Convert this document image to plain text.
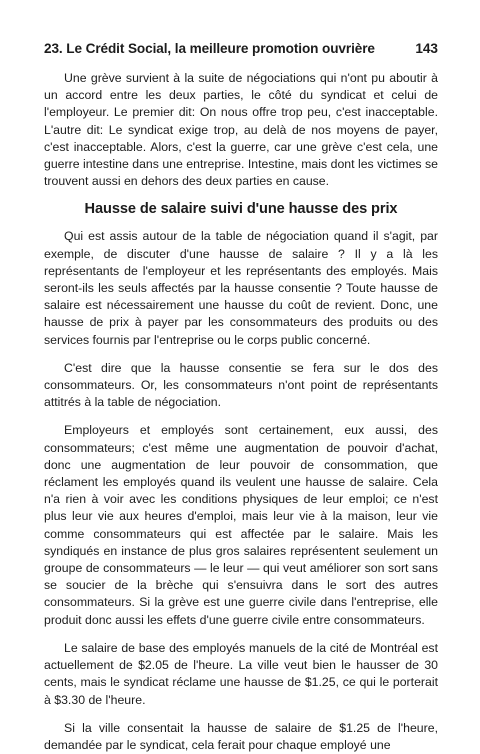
23. Le Crédit Social, la meilleure promotion ouvrière	143

Une grève survient à la suite de négociations qui n'ont pu aboutir à un accord entre les deux parties, le côté du syndicat et celui de l'employeur. Le premier dit: On nous offre trop peu, c'est inacceptable. L'autre dit: Le syndicat exige trop, au delà de nos moyens de payer, c'est inacceptable. Alors, c'est la guerre, car une grève c'est cela, une guerre intestine dans une entreprise. Intestine, mais dont les victimes se trouvent aussi en dehors des deux parties en cause.

Hausse de salaire suivi d'une hausse des prix

Qui est assis autour de la table de négociation quand il s'agit, par exemple, de discuter d'une hausse de salaire ? Il y a là les représentants de l'employeur et les représentants des employés. Mais seront-ils les seuls affectés par la hausse consentie ? Toute hausse de salaire est nécessairement une hausse du coût de revient. Donc, une hausse de prix à payer par les consommateurs des produits ou des services fournis par l'entreprise ou le corps public concerné.

C'est dire que la hausse consentie se fera sur le dos des consommateurs. Or, les consommateurs n'ont point de représentants attitrés à la table de négociation.

Employeurs et employés sont certainement, eux aussi, des consommateurs; c'est même une augmentation de pouvoir d'achat, donc une augmentation de leur pouvoir de consommation, que réclament les employés quand ils veulent une hausse de salaire. Cela n'a rien à voir avec les conditions physiques de leur emploi; ce n'est plus leur vie aux heures d'emploi, mais leur vie à la maison, leur vie comme consommateurs qui est affectée par le salaire. Mais les syndiqués en instance de plus gros salaires représentent seulement un groupe de consommateurs — le leur — qui veut améliorer son sort sans se soucier de la brèche qui s'ensuivra dans le sort des autres consommateurs. Si la grève est une guerre civile dans l'entreprise, elle produit donc aussi les effets d'une guerre civile entre consommateurs.

Le salaire de base des employés manuels de la cité de Montréal est actuellement de $2.05 de l'heure. La ville veut bien le hausser de 30 cents, mais le syndicat réclame une hausse de $1.25, ce qui le porterait à $3.30 de l'heure.

Si la ville consentait la hausse de salaire de $1.25 de l'heure, demandée par le syndicat, cela ferait pour chaque employé une
